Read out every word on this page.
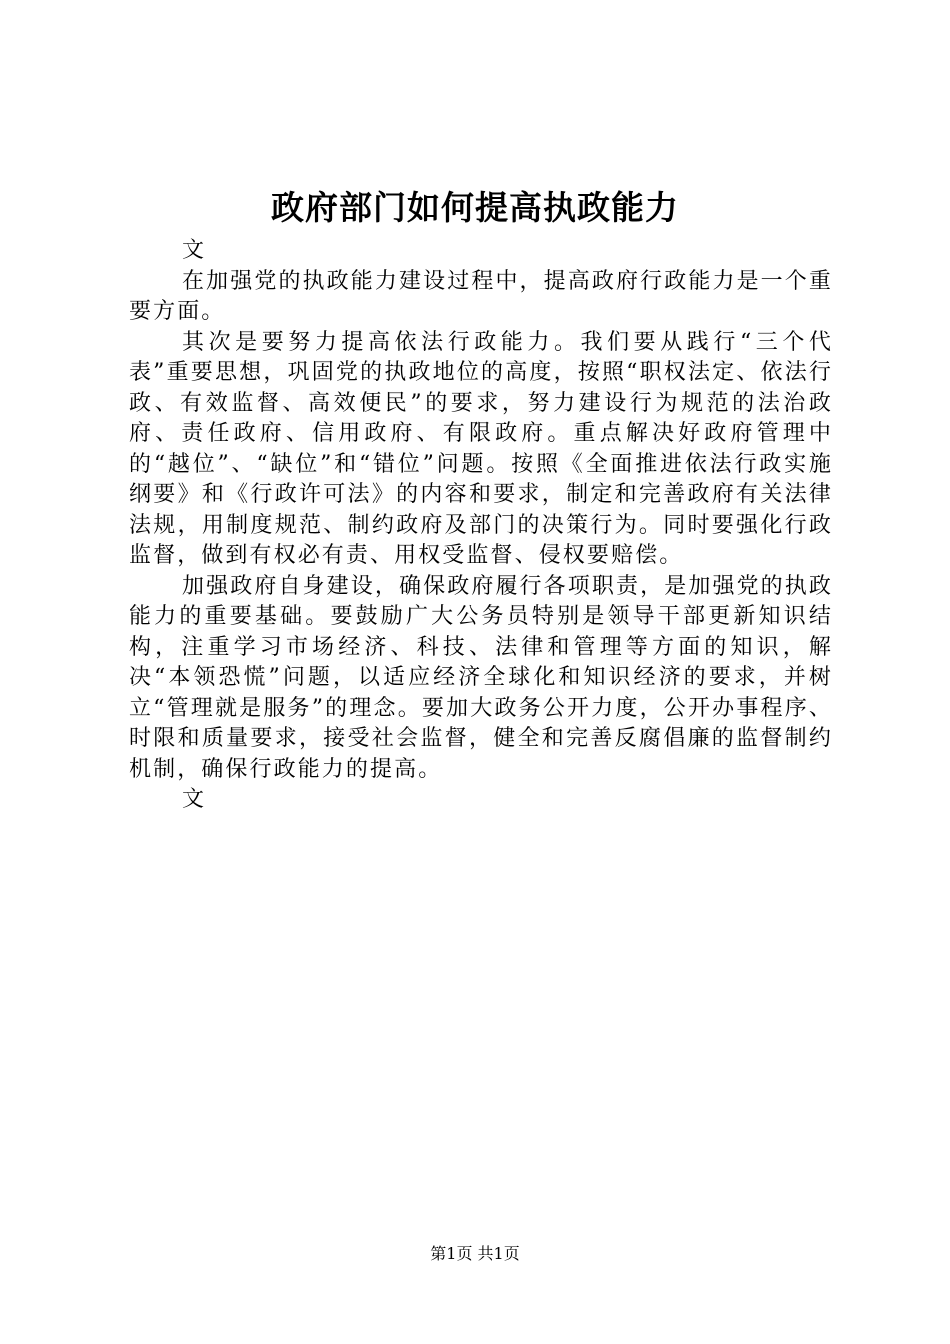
政府部门如何提高执政能力

文

在加强党的执政能力建设过程中，提高政府行政能力是一个重要方面。

其次是要努力提高依法行政能力。我们要从践行“三个代表”重要思想，巩固党的执政地位的高度，按照“职权法定、依法行政、有效监督、高效便民”的要求，努力建设行为规范的法治政府、责任政府、信用政府、有限政府。重点解决好政府管理中的“越位”、“缺位”和“错位”问题。按照《全面推进依法行政实施纲要》和《行政许可法》的内容和要求，制定和完善政府有关法律法规，用制度规范、制约政府及部门的决策行为。同时要强化行政监督，做到有权必有责、用权受监督、侵权要赔偿。

加强政府自身建设，确保政府履行各项职责，是加强党的执政能力的重要基础。要鼓励广大公务员特别是领导干部更新知识结构，注重学习市场经济、科技、法律和管理等方面的知识，解决“本领恐慌”问题，以适应经济全球化和知识经济的要求，并树立“管理就是服务”的理念。要加大政务公开力度，公开办事程序、时限和质量要求，接受社会监督，健全和完善反腐倡廉的监督制约机制，确保行政能力的提高。

文

第1页 共1页
